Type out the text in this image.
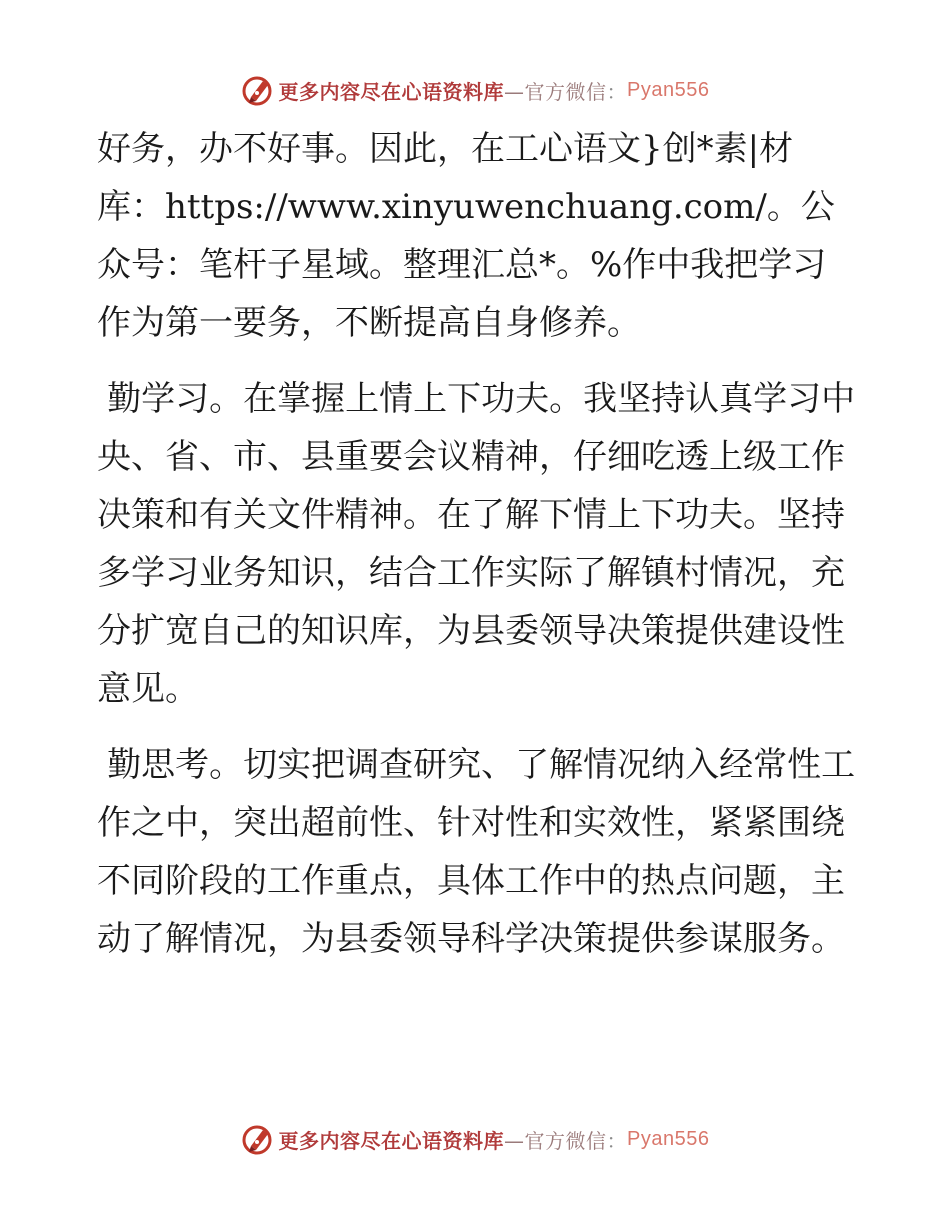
更多内容尽在心语资料库 —官方微信 ： Pyan556

好务，办不好事。因此，在工心语文}创*素|材库：https://www.xinyuwenchuang.com/。公众号：笔杆子星域。整理汇总*。%作中我把学习作为第一要务，不断提高自身修养。

勤学习。在掌握上情上下功夫。我坚持认真学习中央、省、市、县重要会议精神，仔细吃透上级工作决策和有关文件精神。在了解下情上下功夫。坚持多学习业务知识，结合工作实际了解镇村情况，充分扩宽自己的知识库，为县委领导决策提供建设性意见。

勤思考。切实把调查研究、了解情况纳入经常性工作之中，突出超前性、针对性和实效性，紧紧围绕不同阶段的工作重点，具体工作中的热点问题，主动了解情况，为县委领导科学决策提供参谋服务。

更多内容尽在心语资料库 —官方微信 ： Pyan556
